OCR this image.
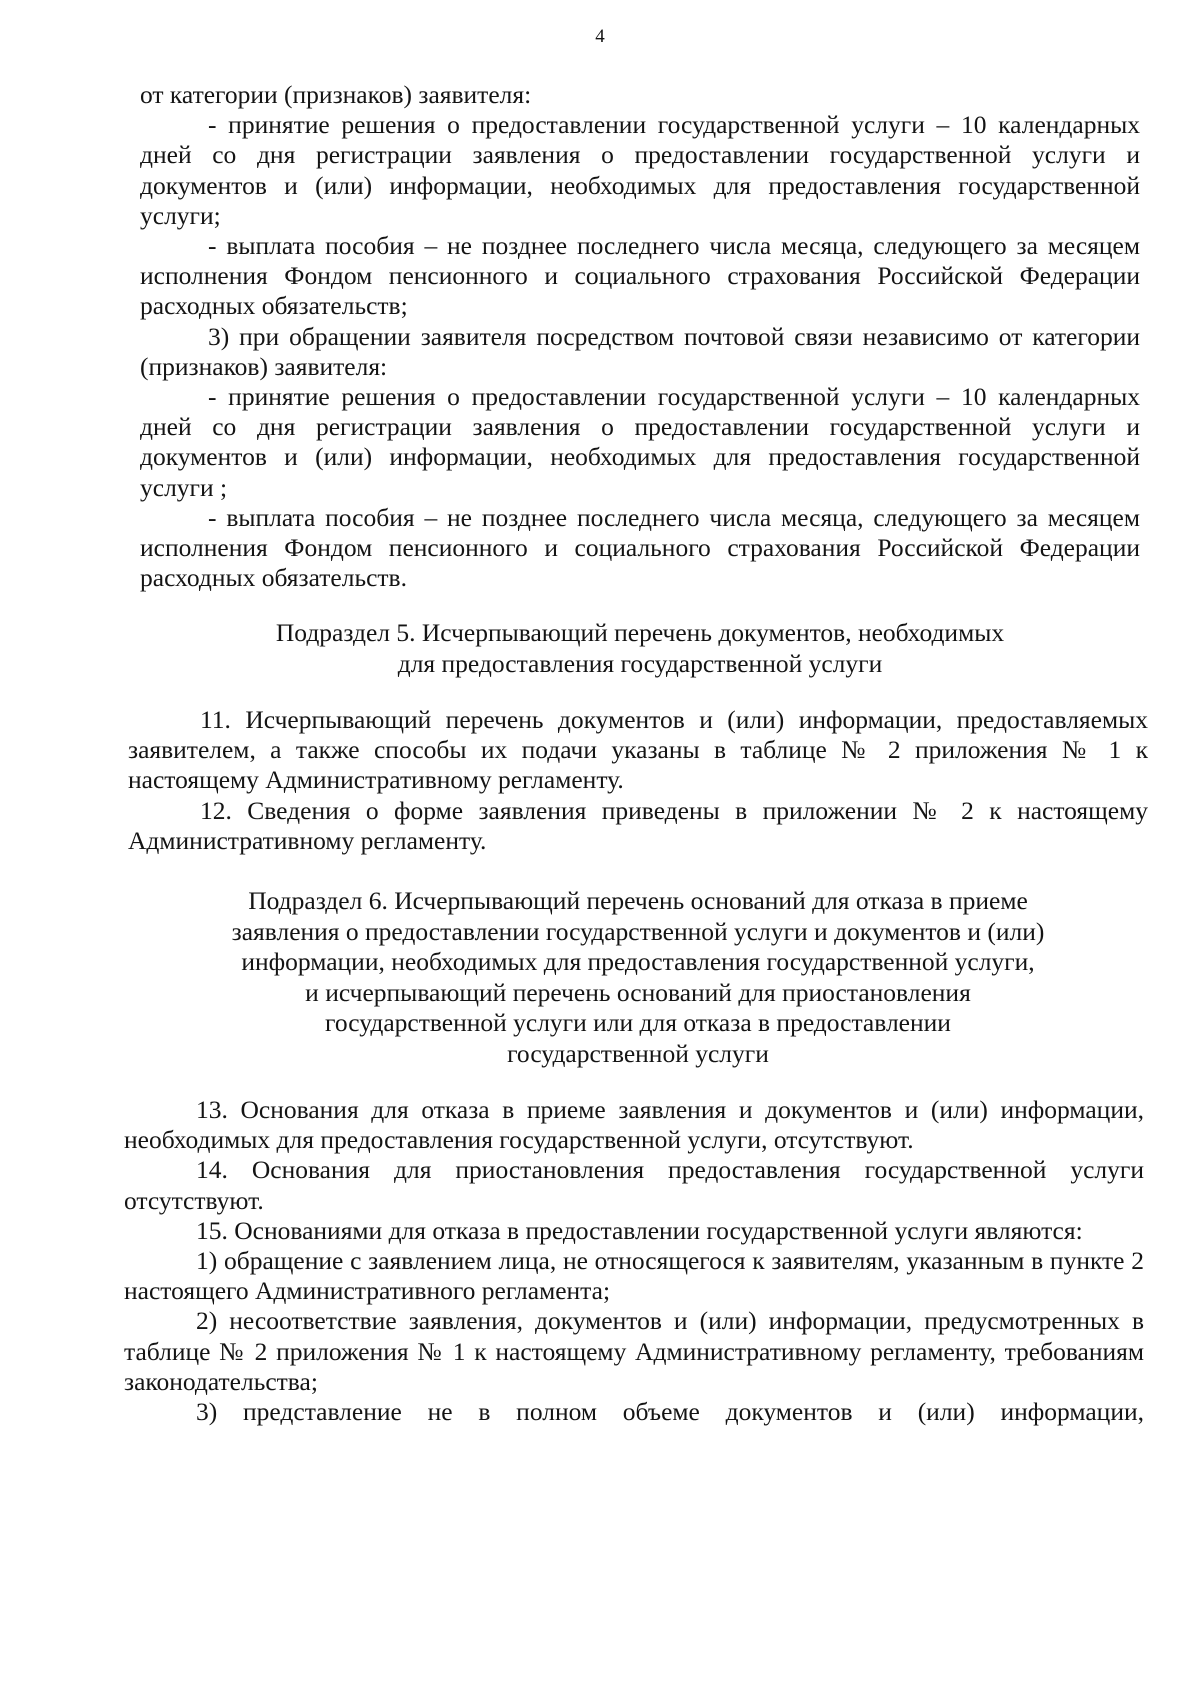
4

от категории (признаков) заявителя:

- принятие решения о предоставлении государственной услуги – 10 календарных дней со дня регистрации заявления о предоставлении государственной услуги и документов и (или) информации, необходимых для предоставления государственной услуги;

- выплата пособия – не позднее последнего числа месяца, следующего за месяцем исполнения Фондом пенсионного и социального страхования Российской Федерации расходных обязательств;

3) при обращении заявителя посредством почтовой связи независимо от категории (признаков) заявителя:

- принятие решения о предоставлении государственной услуги – 10 календарных дней со дня регистрации заявления о предоставлении государственной услуги и документов и (или) информации, необходимых для предоставления государственной услуги ;

- выплата пособия – не позднее последнего числа месяца, следующего за месяцем исполнения Фондом пенсионного и социального страхования Российской Федерации расходных обязательств.

Подраздел 5. Исчерпывающий перечень документов, необходимых
для предоставления государственной услуги

11. Исчерпывающий перечень документов и (или) информации, предоставляемых заявителем, а также способы их подачи указаны в таблице № 2 приложения № 1 к настоящему Административному регламенту.

12. Сведения о форме заявления приведены в приложении № 2 к настоящему Административному регламенту.

Подраздел 6. Исчерпывающий перечень оснований для отказа в приеме
заявления о предоставлении государственной услуги и документов и (или)
информации, необходимых для предоставления государственной услуги,
и исчерпывающий перечень оснований для приостановления
государственной услуги или для отказа в предоставлении
государственной услуги

13. Основания для отказа в приеме заявления и документов и (или) информации, необходимых для предоставления государственной услуги, отсутствуют.

14. Основания для приостановления предоставления государственной услуги отсутствуют.

15. Основаниями для отказа в предоставлении государственной услуги являются:

1) обращение с заявлением лица, не относящегося к заявителям, указанным в пункте 2 настоящего Административного регламента;

2) несоответствие заявления, документов и (или) информации, предусмотренных в таблице № 2 приложения № 1 к настоящему Административному регламенту, требованиям законодательства;

3) представление не в полном объеме документов и (или) информации,
